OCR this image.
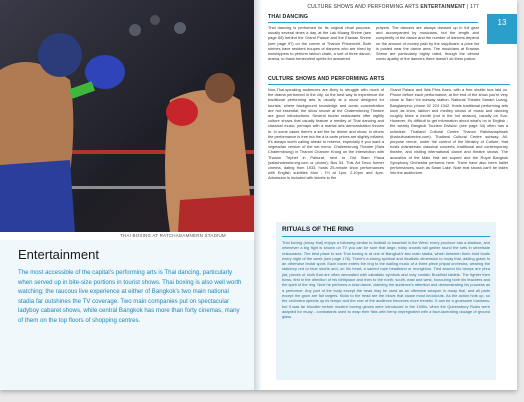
THAI BOXING AT RATCHADAMNERN STADIUM
Entertainment
The most accessible of the capital's performing arts is Thai dancing, particularly when served up in bite-size portions in tourist shows. Thai boxing is also well worth watching; the raucous live experience at either of Bangkok's two main national stadia far outshines the TV coverage. Two main companies put on spectacular ladyboy cabaret shows, while central Bangkok has more than forty cinemas, many of them on the top floors of shopping centres.
CULTURE SHOWS AND PERFORMING ARTS ENTERTAINMENT | 177
13
THAI DANCING
Thai dancing is performed for its original ritual purpose, usually several times a day, at the Lak Muang Shrine (see page 68) behind the Grand Palace and the Erawan Shrine (see page 97) on the corner of Thanon Phloenchit. Both shrines have resident troupes of dancers who are hired by worshippers to perform lakhon chatri, a sort of three dance-drama, to thank benevolent spirits for answered
prayers. The dancers are always dressed up in full gear and accompanied by musicians, but the length and complexity of the dance and the number of dancers depend on the amount of money paid by the supplicant: a price list is posted near the dance area. The musicians at Erawan Shrine are particularly highly rated, though the almost comic apathy of the dancers there doesn't do them justice.
CULTURE SHOWS AND PERFORMING ARTS
Non-Thai-speaking audiences are likely to struggle with much of the drama performed in the city, so the best way to experience the traditional performing arts is usually at a show designed for tourists, where background knowledge and comic concentration are not essential; the show shown at the Chalermkrung Theatre are good introductions. Several tourist restaurants offer nightly culture shows that usually feature a medley of Thai dancing and classical music, perhaps with a martial arts demonstration thrown in. In some cases there's a set fee for dinner and show; in others the performance is free but the à la carte prices are slightly inflated; it's always worth calling ahead to reserve, especially if you want a vegetarian version of the set menu. Chalermkrung Theatre (Sala Chalermkrung) in Thanon Charoen Krung on the intersection with Thanon Triphet in Pahurat, next to Old Siam Plaza (salachalermkrung.com or phone); Bus 53. This Art Deco former cinema, dating from 1933, hosts 25-minute khon performances with English subtitles Mon - Fri at 1pm, 2.10pm and 4pm. Admission is included with tickets to the
Grand Palace and Wat Phra Kaeo, with a free shuttle bus laid on. Phone before each performance; at the end of the show you're very close to Sam Yot subway station. National Theatre Sanam Luang, Banglamphu; phone 02 224 1342. Hosts traditional performing arts such as khon, lakhon and medley shows of music and dancing roughly twice a month (not in the hot season), usually on Sun. However, it's difficult to get information about what's on in English - the weekly Bangkok Tourism Division (see page 34) often has a schedule. Thailand Cultural Centre Thanon Ratchadaphisek (thaiculturalcentre.com). Thailand Cultural Centre subway. All-purpose venue, under the control of the Ministry of Culture, that hosts mainstream classical concerts, traditional and contemporary theatre, and visiting international dance and theatre shows. The acoustics of the Main Hall are superb and the Royal Bangkok Symphony Orchestra performs here. There have also been ballet performances, such as Swan Lake. Note that shows can't be taken into the auditorium.
RITUALS OF THE RING
Thai boxing (muay thai) enjoys a following similar to football or baseball in the West: every province has a stadium, and whenever a big fight is shown on TV you can be sure that large, noisy crowds will gather round the sets in streetside restaurants. The best place to see Thai boxing is at one of Bangkok's two main stadia, which between them hold bouts every night of the week (see page 178). There's a strong spiritual and ritualistic dimension to muay thai, adding grace to an otherwise brutal sport. Each boxer enters the ring to the wailing music of a three-piece phipat orchestra, wearing the statutory red or blue shorts and, on his head, a sacred rope headband or mongkhon. Tied around his biceps are phra jiat, pieces of cloth that are often decorated with cabalistic symbols and may contain Buddhist tablets. The fighter then bows, first in the direction of his birthplace and then to the north, south, east and west, honouring both his teachers and the spirit of the ring. Next he performs a slow dance, claiming the audience's attention and demonstrating his prowess as a performer. Any part of the body except the head may be used as an offensive weapon in muay thai, and all parts except the groin are fair targets. Kicks to the head are the blows that cause most knockouts. As the action hots up, so the orchestra speeds up its tempo and the roar of the audience becomes more frenetic. It can be a gruesome business, but it was far bloodier before modern boxing gloves were introduced in the 1930s, when the Queensbury Rules were adapted for muay - combatants used to wrap their fists with hemp impregnated with a face-lacerating dosage of ground glass.
